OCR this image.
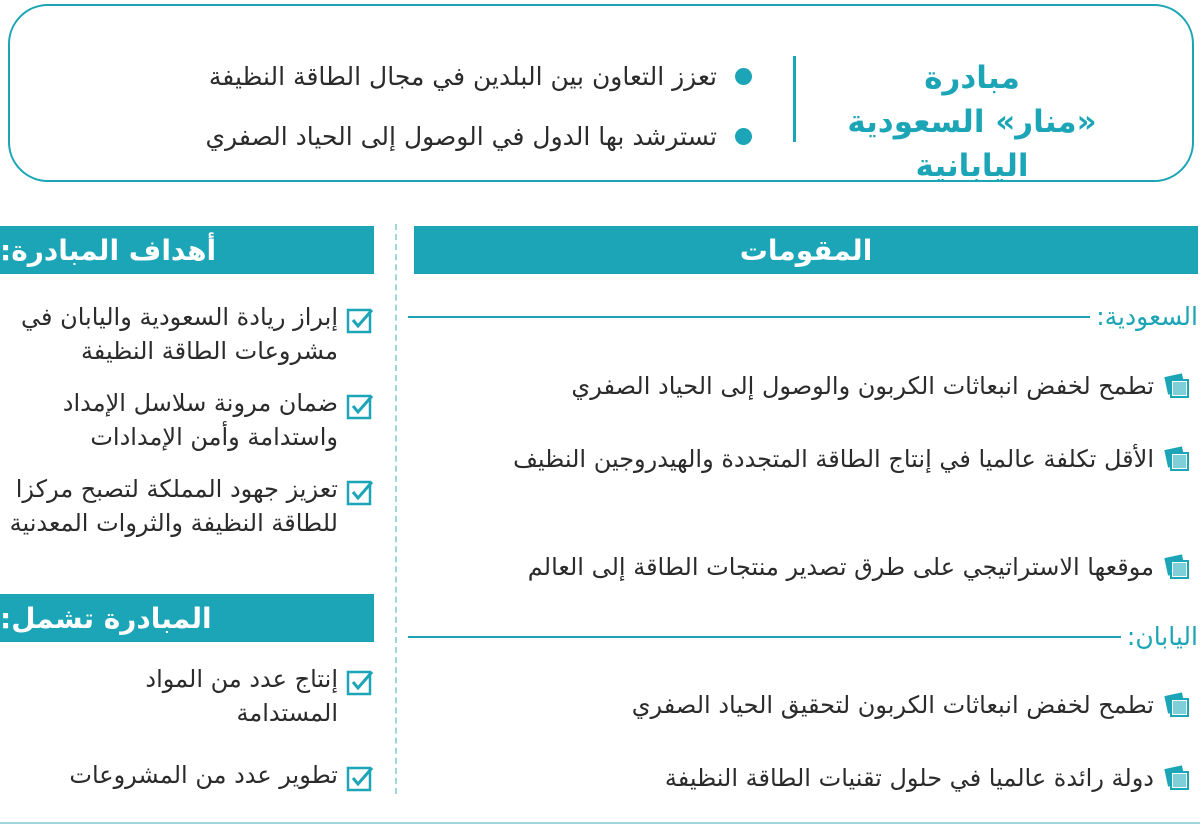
مبادرة
«منار» السعودية اليابانية
تعزز التعاون بين البلدين في مجال الطاقة النظيفة
تسترشد بها الدول في الوصول إلى الحياد الصفري
المقومات
أهداف المبادرة:
المبادرة تشمل:
السعودية:
تطمح لخفض انبعاثات الكربون والوصول إلى الحياد الصفري
الأقل تكلفة عالميا في إنتاج الطاقة المتجددة والهيدروجين النظيف
موقعها الاستراتيجي على طرق تصدير منتجات الطاقة إلى العالم
اليابان:
تطمح لخفض انبعاثات الكربون لتحقيق الحياد الصفري
دولة رائدة عالميا في حلول تقنيات الطاقة النظيفة
إبراز ريادة السعودية واليابان في مشروعات الطاقة النظيفة
ضمان مرونة سلاسل الإمداد واستدامة وأمن الإمدادات
تعزيز جهود المملكة لتصبح مركزا للطاقة النظيفة والثروات المعدنية
إنتاج عدد من المواد المستدامة
تطوير عدد من المشروعات
